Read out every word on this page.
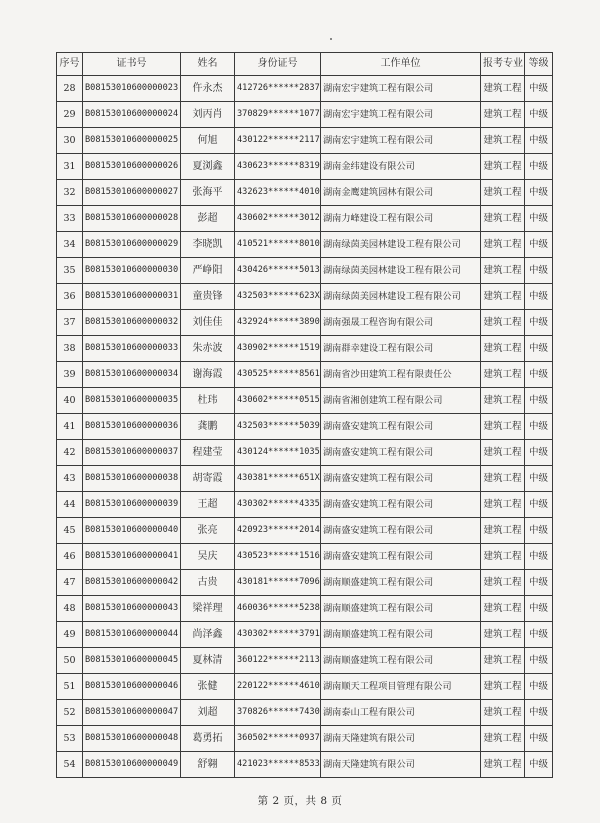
序号	证书号	姓名	身份证号	工作单位	报考专业	等级
28	B08153010600000023	仵永杰	412726******2837	湖南宏宇建筑工程有限公司	建筑工程	中级
29	B08153010600000024	刘丙肖	370829******1077	湖南宏宇建筑工程有限公司	建筑工程	中级
30	B08153010600000025	何旭	430122******2117	湖南宏宇建筑工程有限公司	建筑工程	中级
31	B08153010600000026	夏浏鑫	430623******8319	湖南金纬建设有限公司	建筑工程	中级
32	B08153010600000027	张海平	432623******4010	湖南金鹰建筑园林有限公司	建筑工程	中级
33	B08153010600000028	彭超	430602******3012	湖南力峰建设工程有限公司	建筑工程	中级
34	B08153010600000029	李晓凯	410521******8010	湖南绿茵美园林建设工程有限公司	建筑工程	中级
35	B08153010600000030	严峥阳	430426******5013	湖南绿茵美园林建设工程有限公司	建筑工程	中级
36	B08153010600000031	童贵锋	432503******623X	湖南绿茵美园林建设工程有限公司	建筑工程	中级
37	B08153010600000032	刘佳佳	432924******3890	湖南强晟工程咨询有限公司	建筑工程	中级
38	B08153010600000033	朱赤波	430902******1519	湖南群幸建设工程有限公司	建筑工程	中级
39	B08153010600000034	谢海霞	430525******8561	湖南省沙田建筑工程有限责任公	建筑工程	中级
40	B08153010600000035	杜玮	430602******0515	湖南省湘创建筑工程有限公司	建筑工程	中级
41	B08153010600000036	龚鹏	432503******5039	湖南盛安建筑工程有限公司	建筑工程	中级
42	B08153010600000037	程建莹	430124******1035	湖南盛安建筑工程有限公司	建筑工程	中级
43	B08153010600000038	胡寄霞	430381******651X	湖南盛安建筑工程有限公司	建筑工程	中级
44	B08153010600000039	王超	430302******4335	湖南盛安建筑工程有限公司	建筑工程	中级
45	B08153010600000040	张亮	420923******2014	湖南盛安建筑工程有限公司	建筑工程	中级
46	B08153010600000041	吴庆	430523******1516	湖南盛安建筑工程有限公司	建筑工程	中级
47	B08153010600000042	古贵	430181******7096	湖南顺盛建筑工程有限公司	建筑工程	中级
48	B08153010600000043	梁祥理	460036******5238	湖南顺盛建筑工程有限公司	建筑工程	中级
49	B08153010600000044	尚泽鑫	430302******3791	湖南顺盛建筑工程有限公司	建筑工程	中级
50	B08153010600000045	夏林清	360122******2113	湖南顺盛建筑工程有限公司	建筑工程	中级
51	B08153010600000046	张健	220122******4610	湖南顺天工程项目管理有限公司	建筑工程	中级
52	B08153010600000047	刘超	370826******7430	湖南泰山工程有限公司	建筑工程	中级
53	B08153010600000048	葛勇拓	360502******0937	湖南天隆建筑有限公司	建筑工程	中级
54	B08153010600000049	舒翱	421023******8533	湖南天隆建筑有限公司	建筑工程	中级
第 2 页，共 8 页
